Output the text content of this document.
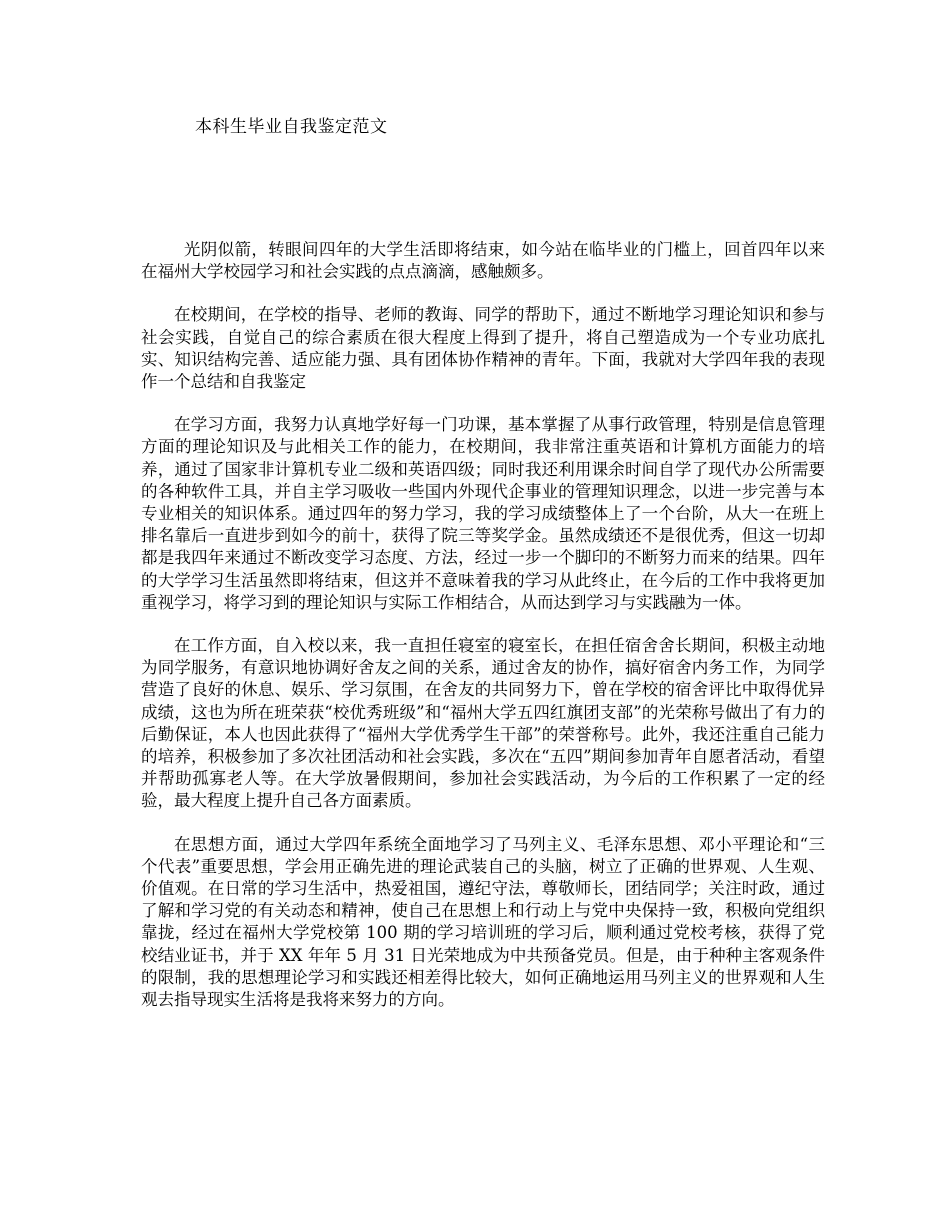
本科生毕业自我鉴定范文

光阴似箭，转眼间四年的大学生活即将结束，如今站在临毕业的门槛上，回首四年以来在福州大学校园学习和社会实践的点点滴滴，感触颇多。

在校期间，在学校的指导、老师的教诲、同学的帮助下，通过不断地学习理论知识和参与社会实践，自觉自己的综合素质在很大程度上得到了提升，将自己塑造成为一个专业功底扎实、知识结构完善、适应能力强、具有团体协作精神的青年。下面，我就对大学四年我的表现作一个总结和自我鉴定

在学习方面，我努力认真地学好每一门功课，基本掌握了从事行政管理，特别是信息管理方面的理论知识及与此相关工作的能力，在校期间，我非常注重英语和计算机方面能力的培养，通过了国家非计算机专业二级和英语四级；同时我还利用课余时间自学了现代办公所需要的各种软件工具，并自主学习吸收一些国内外现代企事业的管理知识理念，以进一步完善与本专业相关的知识体系。通过四年的努力学习，我的学习成绩整体上了一个台阶，从大一在班上排名靠后一直进步到如今的前十，获得了院三等奖学金。虽然成绩还不是很优秀，但这一切却都是我四年来通过不断改变学习态度、方法，经过一步一个脚印的不断努力而来的结果。四年的大学学习生活虽然即将结束，但这并不意味着我的学习从此终止，在今后的工作中我将更加重视学习，将学习到的理论知识与实际工作相结合，从而达到学习与实践融为一体。

在工作方面，自入校以来，我一直担任寝室的寝室长，在担任宿舍舍长期间，积极主动地为同学服务，有意识地协调好舍友之间的关系，通过舍友的协作，搞好宿舍内务工作，为同学营造了良好的休息、娱乐、学习氛围，在舍友的共同努力下，曾在学校的宿舍评比中取得优异成绩，这也为所在班荣获“校优秀班级”和“福州大学五四红旗团支部”的光荣称号做出了有力的后勤保证，本人也因此获得了“福州大学优秀学生干部”的荣誉称号。此外，我还注重自己能力的培养，积极参加了多次社团活动和社会实践，多次在“五四”期间参加青年自愿者活动，看望并帮助孤寡老人等。在大学放暑假期间，参加社会实践活动，为今后的工作积累了一定的经验，最大程度上提升自己各方面素质。

在思想方面，通过大学四年系统全面地学习了马列主义、毛泽东思想、邓小平理论和“三个代表”重要思想，学会用正确先进的理论武装自己的头脑，树立了正确的世界观、人生观、价值观。在日常的学习生活中，热爱祖国，遵纪守法，尊敬师长，团结同学；关注时政，通过了解和学习党的有关动态和精神，使自己在思想上和行动上与党中央保持一致，积极向党组织靠拢，经过在福州大学党校第 100 期的学习培训班的学习后，顺利通过党校考核，获得了党校结业证书，并于 XX 年年 5 月 31 日光荣地成为中共预备党员。但是，由于种种主客观条件的限制，我的思想理论学习和实践还相差得比较大，如何正确地运用马列主义的世界观和人生观去指导现实生活将是我将来努力的方向。
